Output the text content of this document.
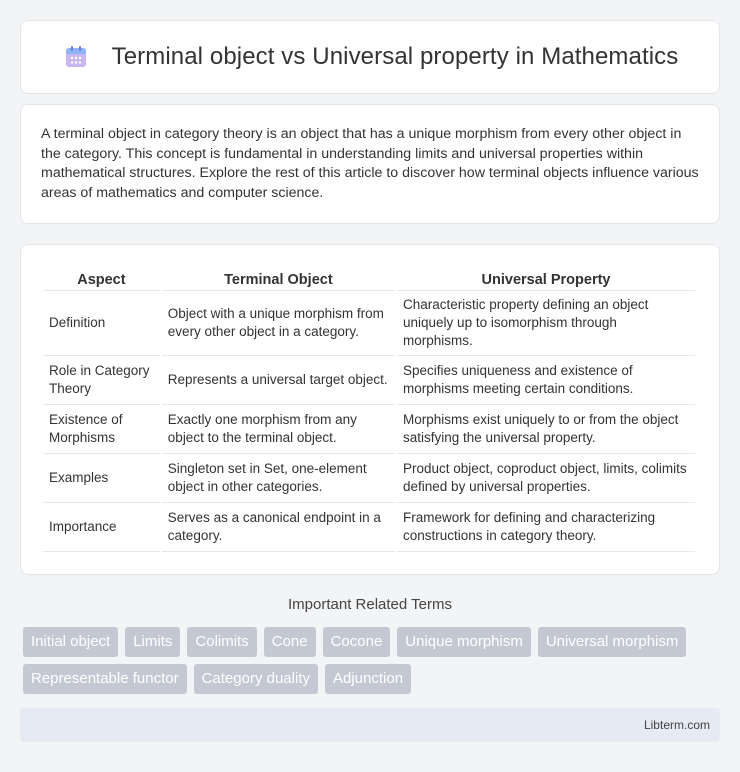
Terminal object vs Universal property in Mathematics

A terminal object in category theory is an object that has a unique morphism from every other object in the category. This concept is fundamental in understanding limits and universal properties within mathematical structures. Explore the rest of this article to discover how terminal objects influence various areas of mathematics and computer science.

Aspect	Terminal Object	Universal Property
Definition	Object with a unique morphism from every other object in a category.	Characteristic property defining an object uniquely up to isomorphism through morphisms.
Role in Category Theory	Represents a universal target object.	Specifies uniqueness and existence of morphisms meeting certain conditions.
Existence of Morphisms	Exactly one morphism from any object to the terminal object.	Morphisms exist uniquely to or from the object satisfying the universal property.
Examples	Singleton set in Set, one-element object in other categories.	Product object, coproduct object, limits, colimits defined by universal properties.
Importance	Serves as a canonical endpoint in a category.	Framework for defining and characterizing constructions in category theory.
Important Related Terms
Initial object	Limits	Colimits	Cone	Cocone	Unique morphism	Universal morphism
Representable functor	Category duality	Adjunction
Libterm.com
